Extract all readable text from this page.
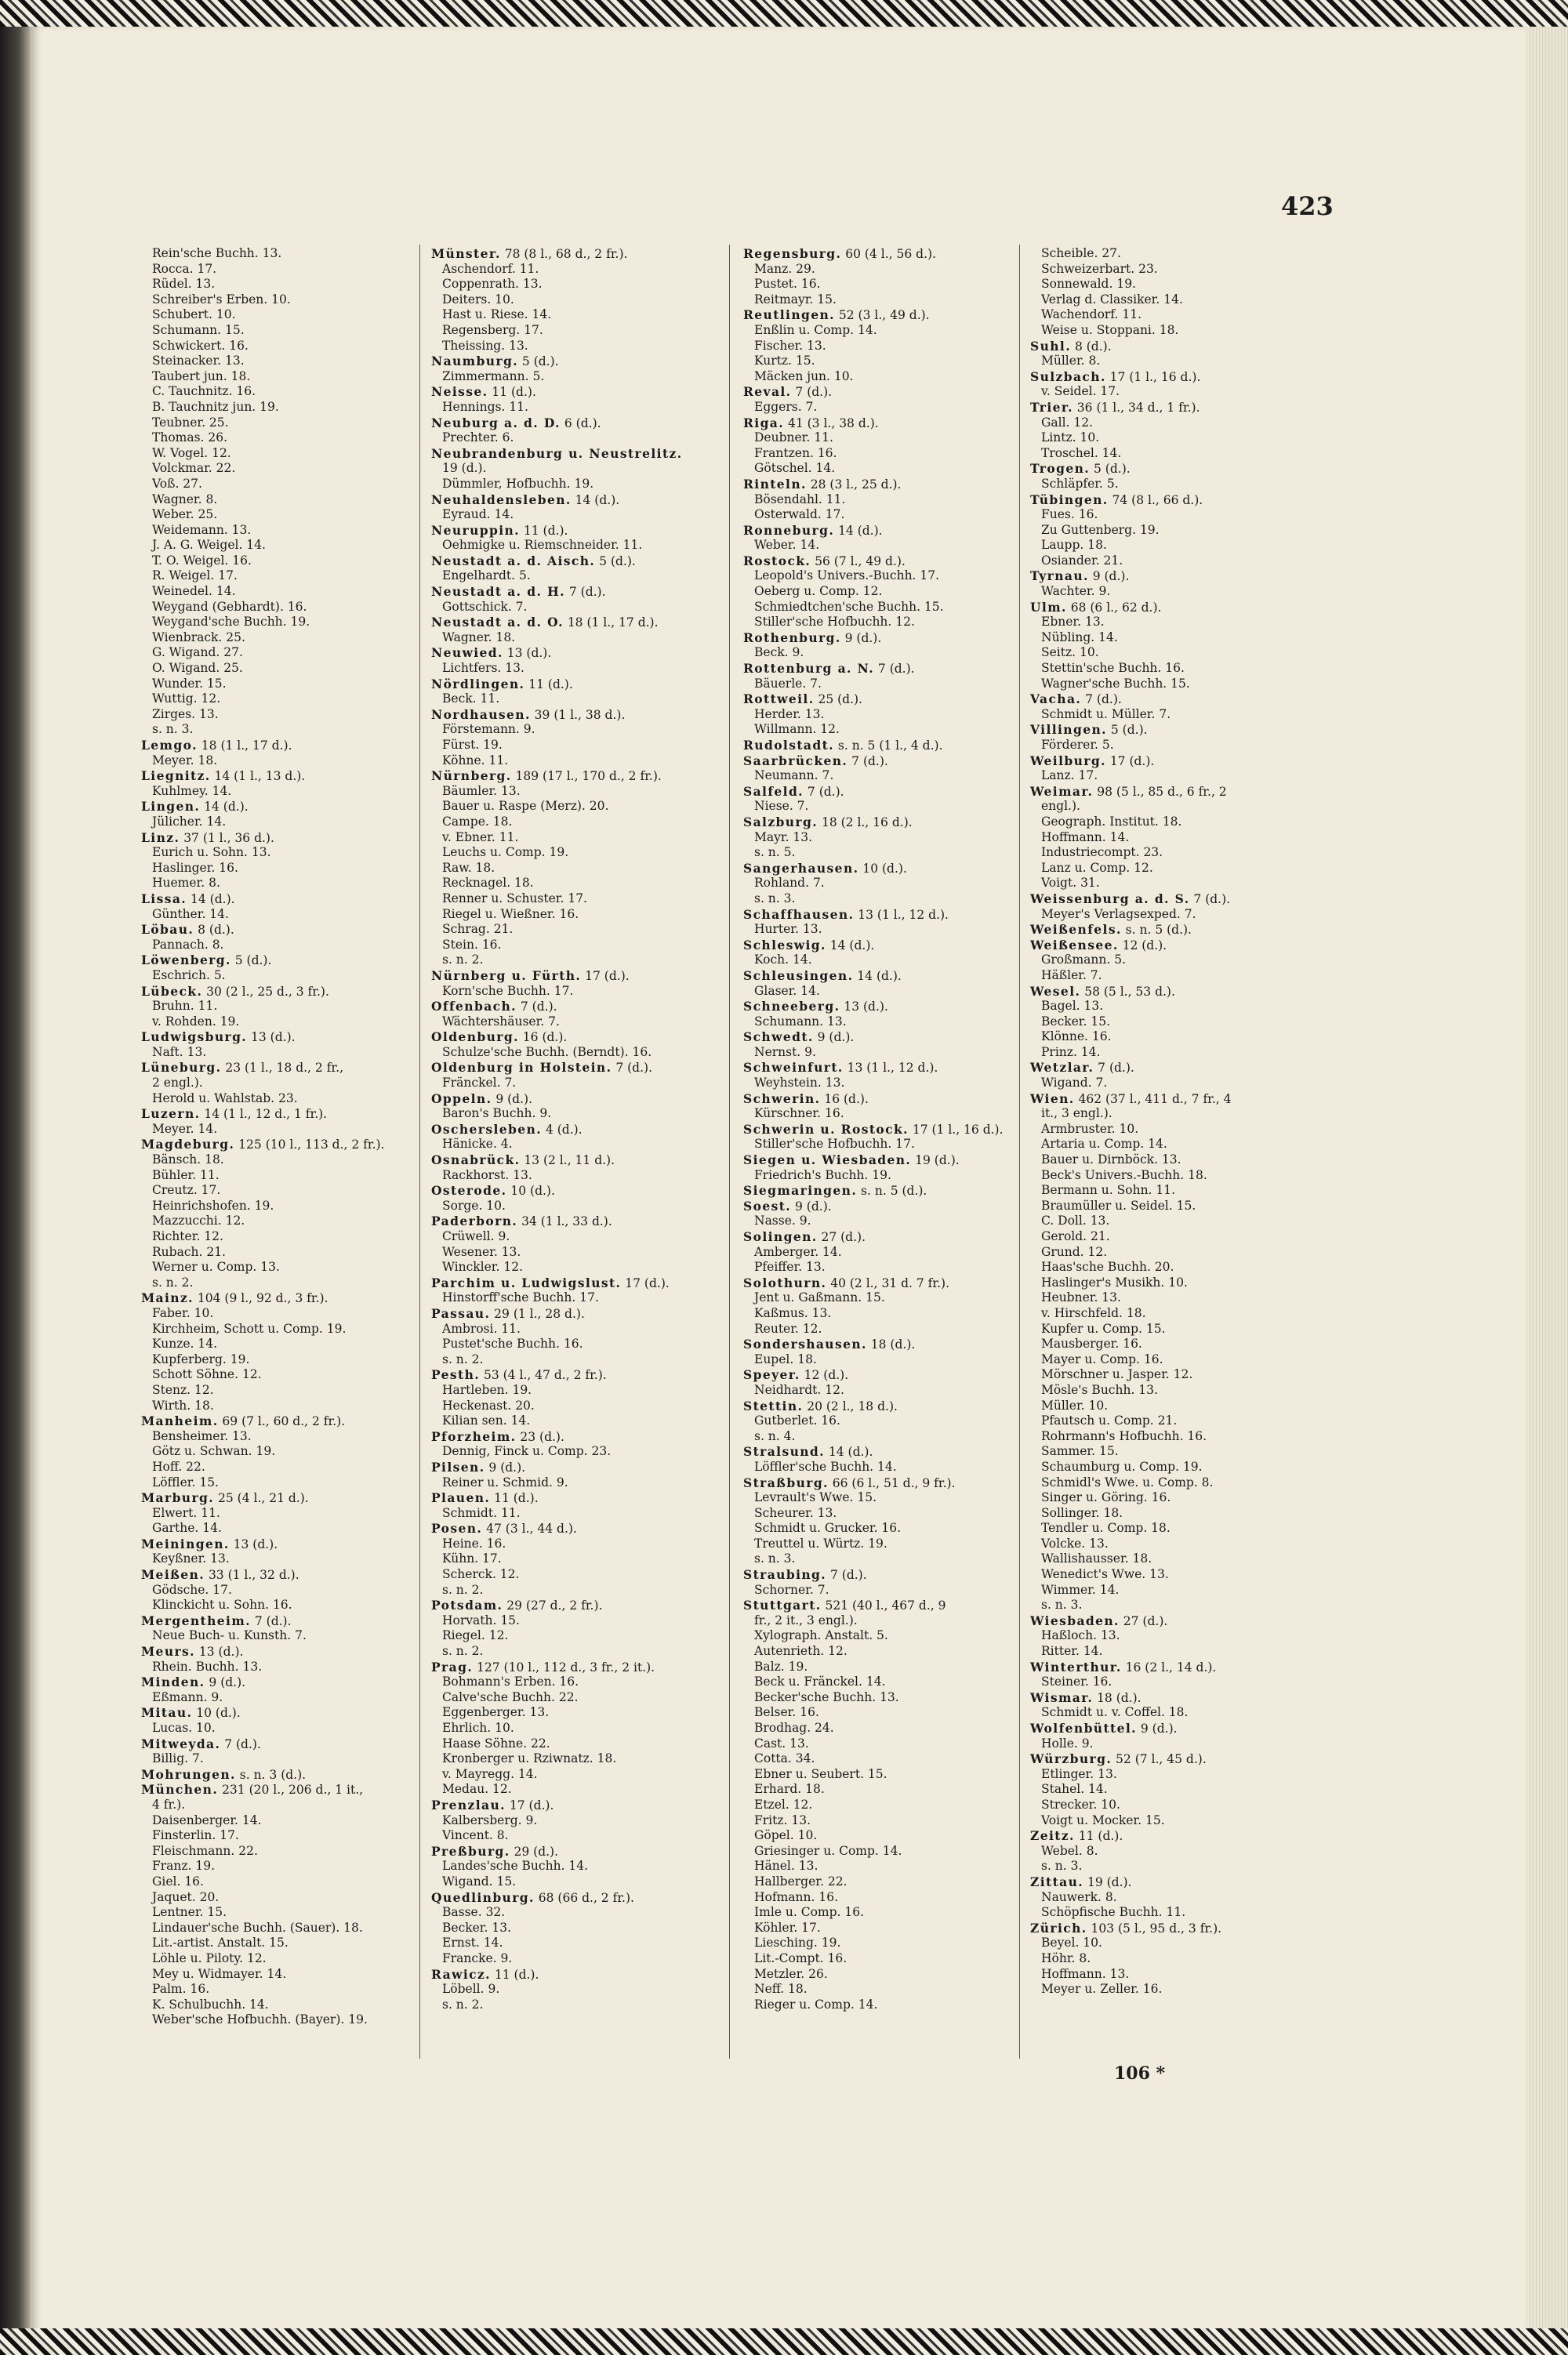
423
Rein'sche Buchh. 13.
Rocca. 17.
Rüdel. 13.
Schreiber's Erben. 10.
Schubert. 10.
Schumann. 15.
Schwickert. 16.
Steinacker. 13.
Taubert jun. 18.
C. Tauchnitz. 16.
B. Tauchnitz jun. 19.
Teubner. 25.
Thomas. 26.
W. Vogel. 12.
Volckmar. 22.
Voß. 27.
Wagner. 8.
Weber. 25.
Weidemann. 13.
J. A. G. Weigel. 14.
T. O. Weigel. 16.
R. Weigel. 17.
Weinedel. 14.
Weygand (Gebhardt). 16.
Weygand'sche Buchh. 19.
Wienbrack. 25.
G. Wigand. 27.
O. Wigand. 25.
Wunder. 15.
Wuttig. 12.
Zirges. 13.
s. n. 3.
Lemgo. 18 (1 l., 17 d.).
Meyer. 18.
Liegnitz. 14 (1 l., 13 d.).
Kuhlmey. 14.
Lingen. 14 (d.).
Jülicher. 14.
Linz. 37 (1 l., 36 d.).
Eurich u. Sohn. 13.
Haslinger. 16.
Huemer. 8.
Lissa. 14 (d.).
Günther. 14.
Löbau. 8 (d.).
Pannach. 8.
Löwenberg. 5 (d.).
Eschrich. 5.
Lübeck. 30 (2 l., 25 d., 3 fr.).
Bruhn. 11.
v. Rohden. 19.
Ludwigsburg. 13 (d.).
Naft. 13.
Lüneburg. 23 (1 l., 18 d., 2 fr.,
2 engl.).
Herold u. Wahlstab. 23.
Luzern. 14 (1 l., 12 d., 1 fr.).
Meyer. 14.
Magdeburg. 125 (10 l., 113 d., 2 fr.).
Bänsch. 18.
Bühler. 11.
Creutz. 17.
Heinrichshofen. 19.
Mazzucchi. 12.
Richter. 12.
Rubach. 21.
Werner u. Comp. 13.
s. n. 2.
Mainz. 104 (9 l., 92 d., 3 fr.).
Faber. 10.
Kirchheim, Schott u. Comp. 19.
Kunze. 14.
Kupferberg. 19.
Schott Söhne. 12.
Stenz. 12.
Wirth. 18.
Manheim. 69 (7 l., 60 d., 2 fr.).
Bensheimer. 13.
Götz u. Schwan. 19.
Hoff. 22.
Löffler. 15.
Marburg. 25 (4 l., 21 d.).
Elwert. 11.
Garthe. 14.
Meiningen. 13 (d.).
Keyßner. 13.
Meißen. 33 (1 l., 32 d.).
Gödsche. 17.
Klinckicht u. Sohn. 16.
Mergentheim. 7 (d.).
Neue Buch- u. Kunsth. 7.
Meurs. 13 (d.).
Rhein. Buchh. 13.
Minden. 9 (d.).
Eßmann. 9.
Mitau. 10 (d.).
Lucas. 10.
Mitweyda. 7 (d.).
Billig. 7.
Mohrungen. s. n. 3 (d.).
München. 231 (20 l., 206 d., 1 it.,
4 fr.).
Daisenberger. 14.
Finsterlin. 17.
Fleischmann. 22.
Franz. 19.
Giel. 16.
Jaquet. 20.
Lentner. 15.
Lindauer'sche Buchh. (Sauer). 18.
Lit.-artist. Anstalt. 15.
Löhle u. Piloty. 12.
Mey u. Widmayer. 14.
Palm. 16.
K. Schulbuchh. 14.
Weber'sche Hofbuchh. (Bayer). 19.
Münster. 78 (8 l., 68 d., 2 fr.).
Aschendorf. 11.
Coppenrath. 13.
Deiters. 10.
Hast u. Riese. 14.
Regensberg. 17.
Theissing. 13.
Naumburg. 5 (d.).
Zimmermann. 5.
Neisse. 11 (d.).
Hennings. 11.
Neuburg a. d. D. 6 (d.).
Prechter. 6.
Neubrandenburg u. Neustrelitz.
19 (d.).
Dümmler, Hofbuchh. 19.
Neuhaldensleben. 14 (d.).
Eyraud. 14.
Neuruppin. 11 (d.).
Oehmigke u. Riemschneider. 11.
Neustadt a. d. Aisch. 5 (d.).
Engelhardt. 5.
Neustadt a. d. H. 7 (d.).
Gottschick. 7.
Neustadt a. d. O. 18 (1 l., 17 d.).
Wagner. 18.
Neuwied. 13 (d.).
Lichtfers. 13.
Nördlingen. 11 (d.).
Beck. 11.
Nordhausen. 39 (1 l., 38 d.).
Förstemann. 9.
Fürst. 19.
Köhne. 11.
Nürnberg. 189 (17 l., 170 d., 2 fr.).
Bäumler. 13.
Bauer u. Raspe (Merz). 20.
Campe. 18.
v. Ebner. 11.
Leuchs u. Comp. 19.
Raw. 18.
Recknagel. 18.
Renner u. Schuster. 17.
Riegel u. Wießner. 16.
Schrag. 21.
Stein. 16.
s. n. 2.
Nürnberg u. Fürth. 17 (d.).
Korn'sche Buchh. 17.
Offenbach. 7 (d.).
Wächtershäuser. 7.
Oldenburg. 16 (d.).
Schulze'sche Buchh. (Berndt). 16.
Oldenburg in Holstein. 7 (d.).
Fränckel. 7.
Oppeln. 9 (d.).
Baron's Buchh. 9.
Oschersleben. 4 (d.).
Hänicke. 4.
Osnabrück. 13 (2 l., 11 d.).
Rackhorst. 13.
Osterode. 10 (d.).
Sorge. 10.
Paderborn. 34 (1 l., 33 d.).
Crüwell. 9.
Wesener. 13.
Winckler. 12.
Parchim u. Ludwigslust. 17 (d.).
Hinstorff'sche Buchh. 17.
Passau. 29 (1 l., 28 d.).
Ambrosi. 11.
Pustet'sche Buchh. 16.
s. n. 2.
Pesth. 53 (4 l., 47 d., 2 fr.).
Hartleben. 19.
Heckenast. 20.
Kilian sen. 14.
Pforzheim. 23 (d.).
Dennig, Finck u. Comp. 23.
Pilsen. 9 (d.).
Reiner u. Schmid. 9.
Plauen. 11 (d.).
Schmidt. 11.
Posen. 47 (3 l., 44 d.).
Heine. 16.
Kühn. 17.
Scherck. 12.
s. n. 2.
Potsdam. 29 (27 d., 2 fr.).
Horvath. 15.
Riegel. 12.
s. n. 2.
Prag. 127 (10 l., 112 d., 3 fr., 2 it.).
Bohmann's Erben. 16.
Calve'sche Buchh. 22.
Eggenberger. 13.
Ehrlich. 10.
Haase Söhne. 22.
Kronberger u. Rziwnatz. 18.
v. Mayregg. 14.
Medau. 12.
Prenzlau. 17 (d.).
Kalbersberg. 9.
Vincent. 8.
Preßburg. 29 (d.).
Landes'sche Buchh. 14.
Wigand. 15.
Quedlinburg. 68 (66 d., 2 fr.).
Basse. 32.
Becker. 13.
Ernst. 14.
Francke. 9.
Rawicz. 11 (d.).
Löbell. 9.
s. n. 2.
Regensburg. 60 (4 l., 56 d.).
Manz. 29.
Pustet. 16.
Reitmayr. 15.
Reutlingen. 52 (3 l., 49 d.).
Enßlin u. Comp. 14.
Fischer. 13.
Kurtz. 15.
Mäcken jun. 10.
Reval. 7 (d.).
Eggers. 7.
Riga. 41 (3 l., 38 d.).
Deubner. 11.
Frantzen. 16.
Götschel. 14.
Rinteln. 28 (3 l., 25 d.).
Bösendahl. 11.
Osterwald. 17.
Ronneburg. 14 (d.).
Weber. 14.
Rostock. 56 (7 l., 49 d.).
Leopold's Univers.-Buchh. 17.
Oeberg u. Comp. 12.
Schmiedtchen'sche Buchh. 15.
Stiller'sche Hofbuchh. 12.
Rothenburg. 9 (d.).
Beck. 9.
Rottenburg a. N. 7 (d.).
Bäuerle. 7.
Rottweil. 25 (d.).
Herder. 13.
Willmann. 12.
Rudolstadt. s. n. 5 (1 l., 4 d.).
Saarbrücken. 7 (d.).
Neumann. 7.
Salfeld. 7 (d.).
Niese. 7.
Salzburg. 18 (2 l., 16 d.).
Mayr. 13.
s. n. 5.
Sangerhausen. 10 (d.).
Rohland. 7.
s. n. 3.
Schaffhausen. 13 (1 l., 12 d.).
Hurter. 13.
Schleswig. 14 (d.).
Koch. 14.
Schleusingen. 14 (d.).
Glaser. 14.
Schneeberg. 13 (d.).
Schumann. 13.
Schwedt. 9 (d.).
Nernst. 9.
Schweinfurt. 13 (1 l., 12 d.).
Weyhstein. 13.
Schwerin. 16 (d.).
Kürschner. 16.
Schwerin u. Rostock. 17 (1 l., 16 d.).
Stiller'sche Hofbuchh. 17.
Siegen u. Wiesbaden. 19 (d.).
Friedrich's Buchh. 19.
Siegmaringen. s. n. 5 (d.).
Soest. 9 (d.).
Nasse. 9.
Solingen. 27 (d.).
Amberger. 14.
Pfeiffer. 13.
Solothurn. 40 (2 l., 31 d. 7 fr.).
Jent u. Gaßmann. 15.
Kaßmus. 13.
Reuter. 12.
Sondershausen. 18 (d.).
Eupel. 18.
Speyer. 12 (d.).
Neidhardt. 12.
Stettin. 20 (2 l., 18 d.).
Gutberlet. 16.
s. n. 4.
Stralsund. 14 (d.).
Löffler'sche Buchh. 14.
Straßburg. 66 (6 l., 51 d., 9 fr.).
Levrault's Wwe. 15.
Scheurer. 13.
Schmidt u. Grucker. 16.
Treuttel u. Würtz. 19.
s. n. 3.
Straubing. 7 (d.).
Schorner. 7.
Stuttgart. 521 (40 l., 467 d., 9
fr., 2 it., 3 engl.).
Xylograph. Anstalt. 5.
Autenrieth. 12.
Balz. 19.
Beck u. Fränckel. 14.
Becker'sche Buchh. 13.
Belser. 16.
Brodhag. 24.
Cast. 13.
Cotta. 34.
Ebner u. Seubert. 15.
Erhard. 18.
Etzel. 12.
Fritz. 13.
Göpel. 10.
Griesinger u. Comp. 14.
Hänel. 13.
Hallberger. 22.
Hofmann. 16.
Imle u. Comp. 16.
Köhler. 17.
Liesching. 19.
Lit.-Compt. 16.
Metzler. 26.
Neff. 18.
Rieger u. Comp. 14.
Scheible. 27.
Schweizerbart. 23.
Sonnewald. 19.
Verlag d. Classiker. 14.
Wachendorf. 11.
Weise u. Stoppani. 18.
Suhl. 8 (d.).
Müller. 8.
Sulzbach. 17 (1 l., 16 d.).
v. Seidel. 17.
Trier. 36 (1 l., 34 d., 1 fr.).
Gall. 12.
Lintz. 10.
Troschel. 14.
Trogen. 5 (d.).
Schläpfer. 5.
Tübingen. 74 (8 l., 66 d.).
Fues. 16.
Zu Guttenberg. 19.
Laupp. 18.
Osiander. 21.
Tyrnau. 9 (d.).
Wachter. 9.
Ulm. 68 (6 l., 62 d.).
Ebner. 13.
Nübling. 14.
Seitz. 10.
Stettin'sche Buchh. 16.
Wagner'sche Buchh. 15.
Vacha. 7 (d.).
Schmidt u. Müller. 7.
Villingen. 5 (d.).
Förderer. 5.
Weilburg. 17 (d.).
Lanz. 17.
Weimar. 98 (5 l., 85 d., 6 fr., 2
engl.).
Geograph. Institut. 18.
Hoffmann. 14.
Industriecompt. 23.
Lanz u. Comp. 12.
Voigt. 31.
Weissenburg a. d. S. 7 (d.).
Meyer's Verlagsexped. 7.
Weißenfels. s. n. 5 (d.).
Weißensee. 12 (d.).
Großmann. 5.
Häßler. 7.
Wesel. 58 (5 l., 53 d.).
Bagel. 13.
Becker. 15.
Klönne. 16.
Prinz. 14.
Wetzlar. 7 (d.).
Wigand. 7.
Wien. 462 (37 l., 411 d., 7 fr., 4
it., 3 engl.).
Armbruster. 10.
Artaria u. Comp. 14.
Bauer u. Dirnböck. 13.
Beck's Univers.-Buchh. 18.
Bermann u. Sohn. 11.
Braumüller u. Seidel. 15.
C. Doll. 13.
Gerold. 21.
Grund. 12.
Haas'sche Buchh. 20.
Haslinger's Musikh. 10.
Heubner. 13.
v. Hirschfeld. 18.
Kupfer u. Comp. 15.
Mausberger. 16.
Mayer u. Comp. 16.
Mörschner u. Jasper. 12.
Mösle's Buchh. 13.
Müller. 10.
Pfautsch u. Comp. 21.
Rohrmann's Hofbuchh. 16.
Sammer. 15.
Schaumburg u. Comp. 19.
Schmidl's Wwe. u. Comp. 8.
Singer u. Göring. 16.
Sollinger. 18.
Tendler u. Comp. 18.
Volcke. 13.
Wallishausser. 18.
Wenedict's Wwe. 13.
Wimmer. 14.
s. n. 3.
Wiesbaden. 27 (d.).
Haßloch. 13.
Ritter. 14.
Winterthur. 16 (2 l., 14 d.).
Steiner. 16.
Wismar. 18 (d.).
Schmidt u. v. Coffel. 18.
Wolfenbüttel. 9 (d.).
Holle. 9.
Würzburg. 52 (7 l., 45 d.).
Etlinger. 13.
Stahel. 14.
Strecker. 10.
Voigt u. Mocker. 15.
Zeitz. 11 (d.).
Webel. 8.
s. n. 3.
Zittau. 19 (d.).
Nauwerk. 8.
Schöpfische Buchh. 11.
Zürich. 103 (5 l., 95 d., 3 fr.).
Beyel. 10.
Höhr. 8.
Hoffmann. 13.
Meyer u. Zeller. 16.
106 *
